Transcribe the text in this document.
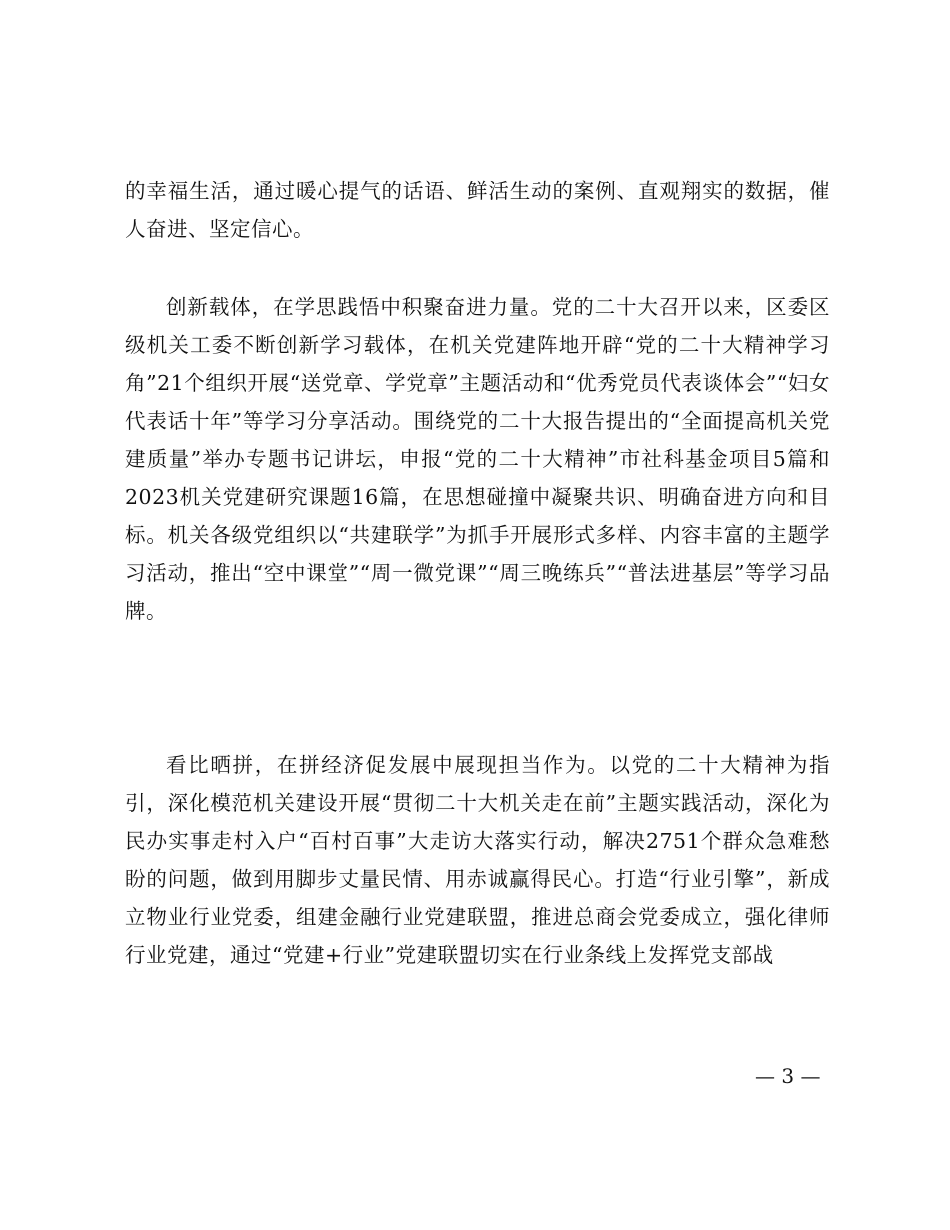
的幸福生活，通过暖心提气的话语、鲜活生动的案例、直观翔实的数据，催人奋进、坚定信心。

创新载体，在学思践悟中积聚奋进力量。党的二十大召开以来，区委区级机关工委不断创新学习载体，在机关党建阵地开辟“党的二十大精神学习角”21个组织开展“送党章、学党章”主题活动和“优秀党员代表谈体会”“妇女代表话十年”等学习分享活动。围绕党的二十大报告提出的“全面提高机关党建质量”举办专题书记讲坛，申报“党的二十大精神”市社科基金项目5篇和2023机关党建研究课题16篇，在思想碰撞中凝聚共识、明确奋进方向和目标。机关各级党组织以“共建联学”为抓手开展形式多样、内容丰富的主题学习活动，推出“空中课堂”“周一微党课”“周三晚练兵”“普法进基层”等学习品牌。

看比晒拼，在拼经济促发展中展现担当作为。以党的二十大精神为指引，深化模范机关建设开展“贯彻二十大机关走在前”主题实践活动，深化为民办实事走村入户“百村百事”大走访大落实行动，解决2751个群众急难愁盼的问题，做到用脚步丈量民情、用赤诚赢得民心。打造“行业引擎”，新成立物业行业党委，组建金融行业党建联盟，推进总商会党委成立，强化律师行业党建，通过“党建+行业”党建联盟切实在行业条线上发挥党支部战

— 3 —
